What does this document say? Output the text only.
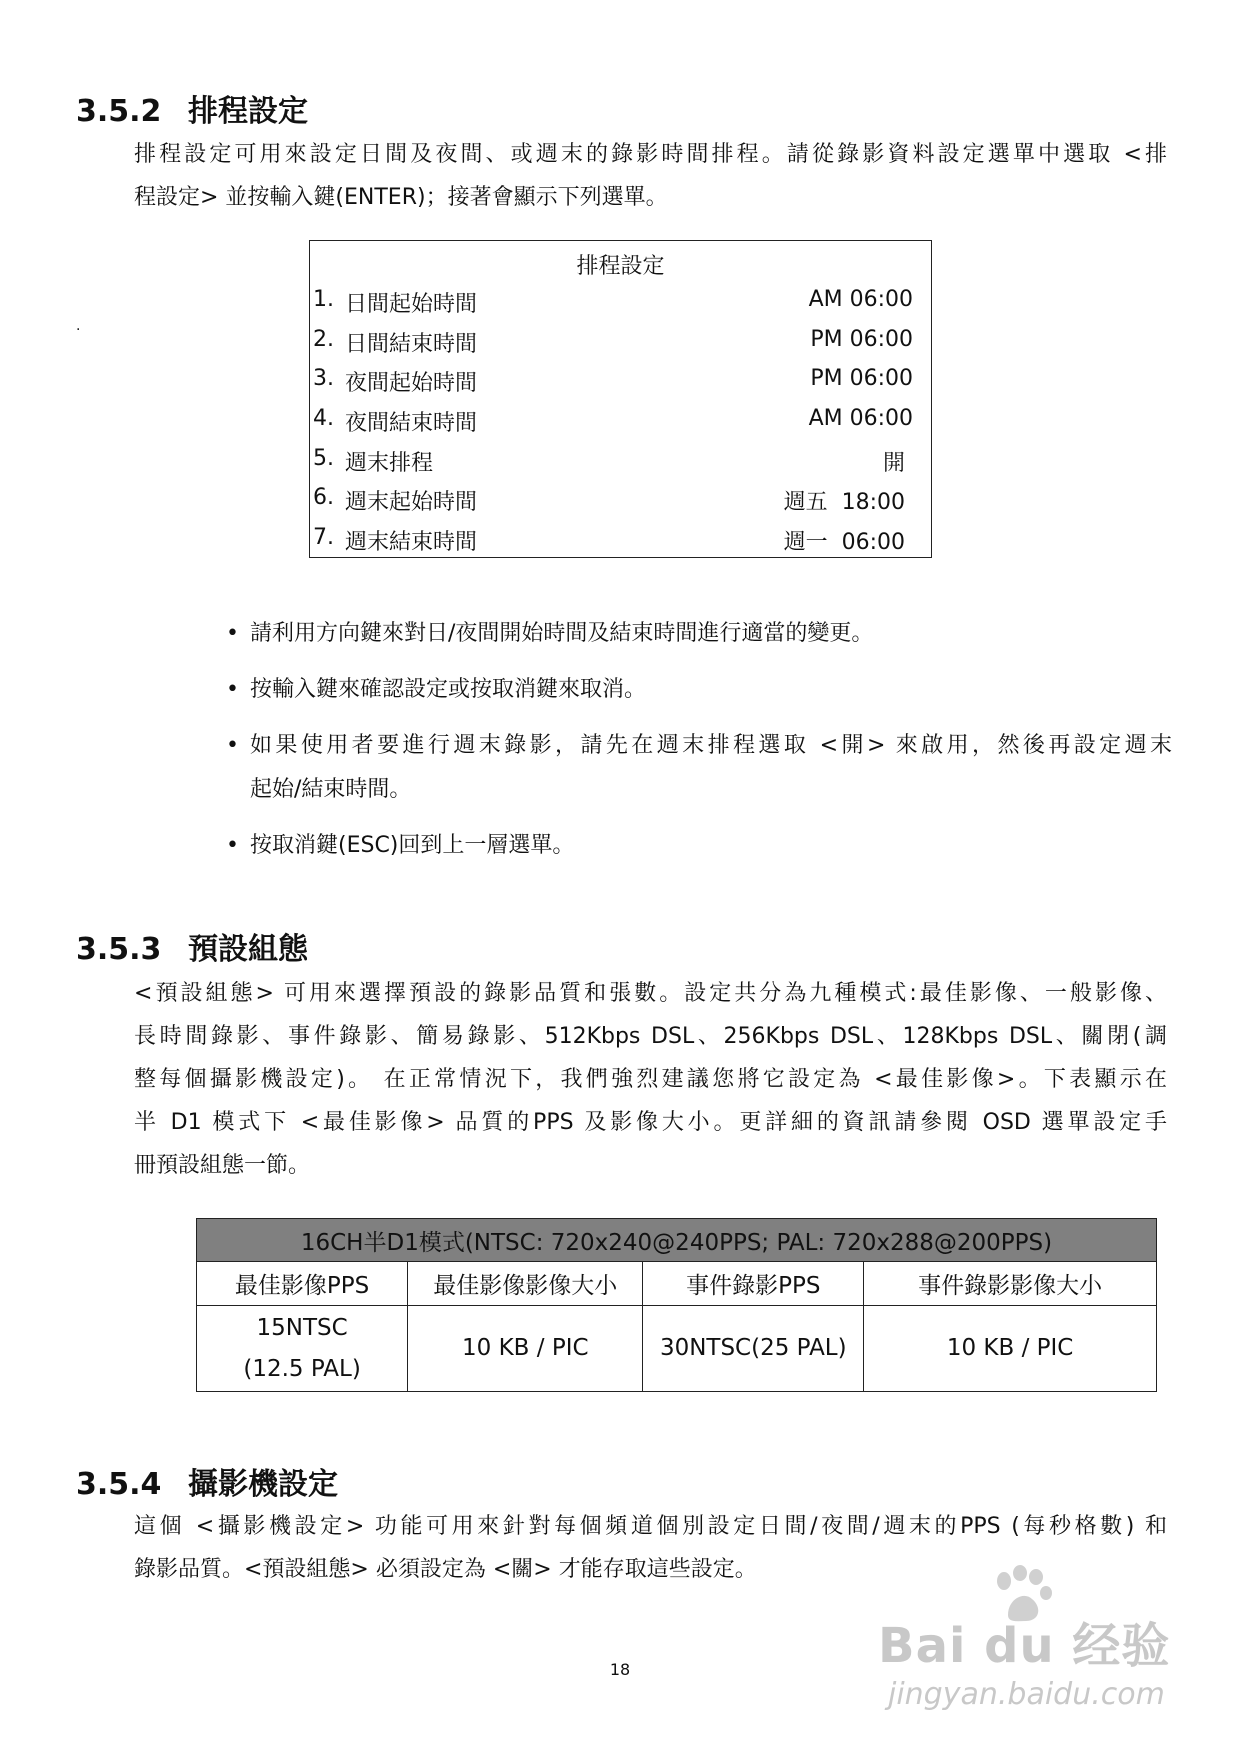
3.5.2 排程設定
排程設定可用來設定日間及夜間、或週末的錄影時間排程。請從錄影資料設定選單中選取 <排
程設定> 並按輸入鍵(ENTER)；接著會顯示下列選單。
.
排程設定
1. 日間起始時間	AM 06:00
2. 日間結束時間	PM 06:00
3. 夜間起始時間	PM 06:00
4. 夜間結束時間	AM 06:00
5. 週末排程	開
6. 週末起始時間	週五  18:00
7. 週末結束時間	週一  06:00
• 請利用方向鍵來對日/夜間開始時間及結束時間進行適當的變更。
• 按輸入鍵來確認設定或按取消鍵來取消。
• 如果使用者要進行週末錄影，請先在週末排程選取 <開> 來啟用，然後再設定週末
起始/結束時間。
• 按取消鍵(ESC)回到上一層選單。
3.5.3 預設組態
<預設組態> 可用來選擇預設的錄影品質和張數。設定共分為九種模式:最佳影像、一般影像、
長時間錄影、事件錄影、簡易錄影、512Kbps DSL、256Kbps DSL、128Kbps DSL、關閉(調
整每個攝影機設定)。 在正常情況下，我們強烈建議您將它設定為 <最佳影像>。下表顯示在
半 D1 模式下 <最佳影像> 品質的PPS 及影像大小。更詳細的資訊請參閱 OSD 選單設定手
冊預設組態一節。
16CH半D1模式(NTSC: 720x240@240PPS; PAL: 720x288@200PPS)			
最佳影像PPS	最佳影像影像大小	事件錄影PPS	事件錄影影像大小

15NTSC
(12.5 PAL)	10 KB / PIC	30NTSC(25 PAL)	10 KB / PIC
3.5.4 攝影機設定
這個 <攝影機設定> 功能可用來針對每個頻道個別設定日間/夜間/週末的PPS (每秒格數) 和
錄影品質。<預設組態> 必須設定為 <關> 才能存取這些設定。
Bai du 经验
jingyan.baidu.com
18
